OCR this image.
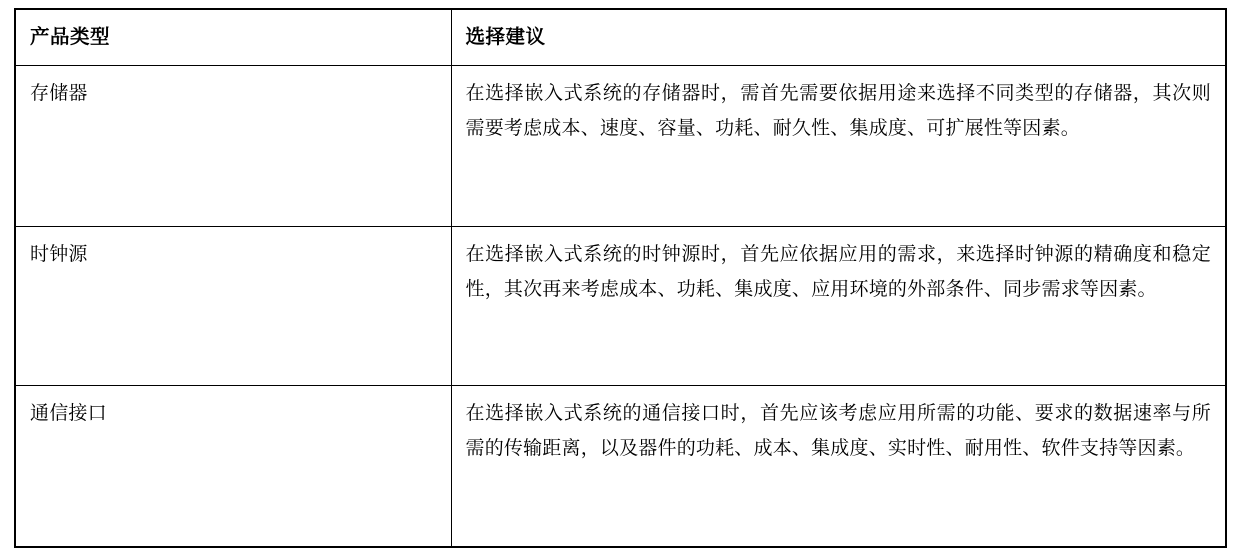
产品类型	选择建议
存储器	在选择嵌入式系统的存储器时，需首先需要依据用途来选择不同类型的存储器，其次则需要考虑成本、速度、容量、功耗、耐久性、集成度、可扩展性等因素。
时钟源	在选择嵌入式系统的时钟源时，首先应依据应用的需求，来选择时钟源的精确度和稳定性，其次再来考虑成本、功耗、集成度、应用环境的外部条件、同步需求等因素。
通信接口	在选择嵌入式系统的通信接口时，首先应该考虑应用所需的功能、要求的数据速率与所需的传输距离，以及器件的功耗、成本、集成度、实时性、耐用性、软件支持等因素。
